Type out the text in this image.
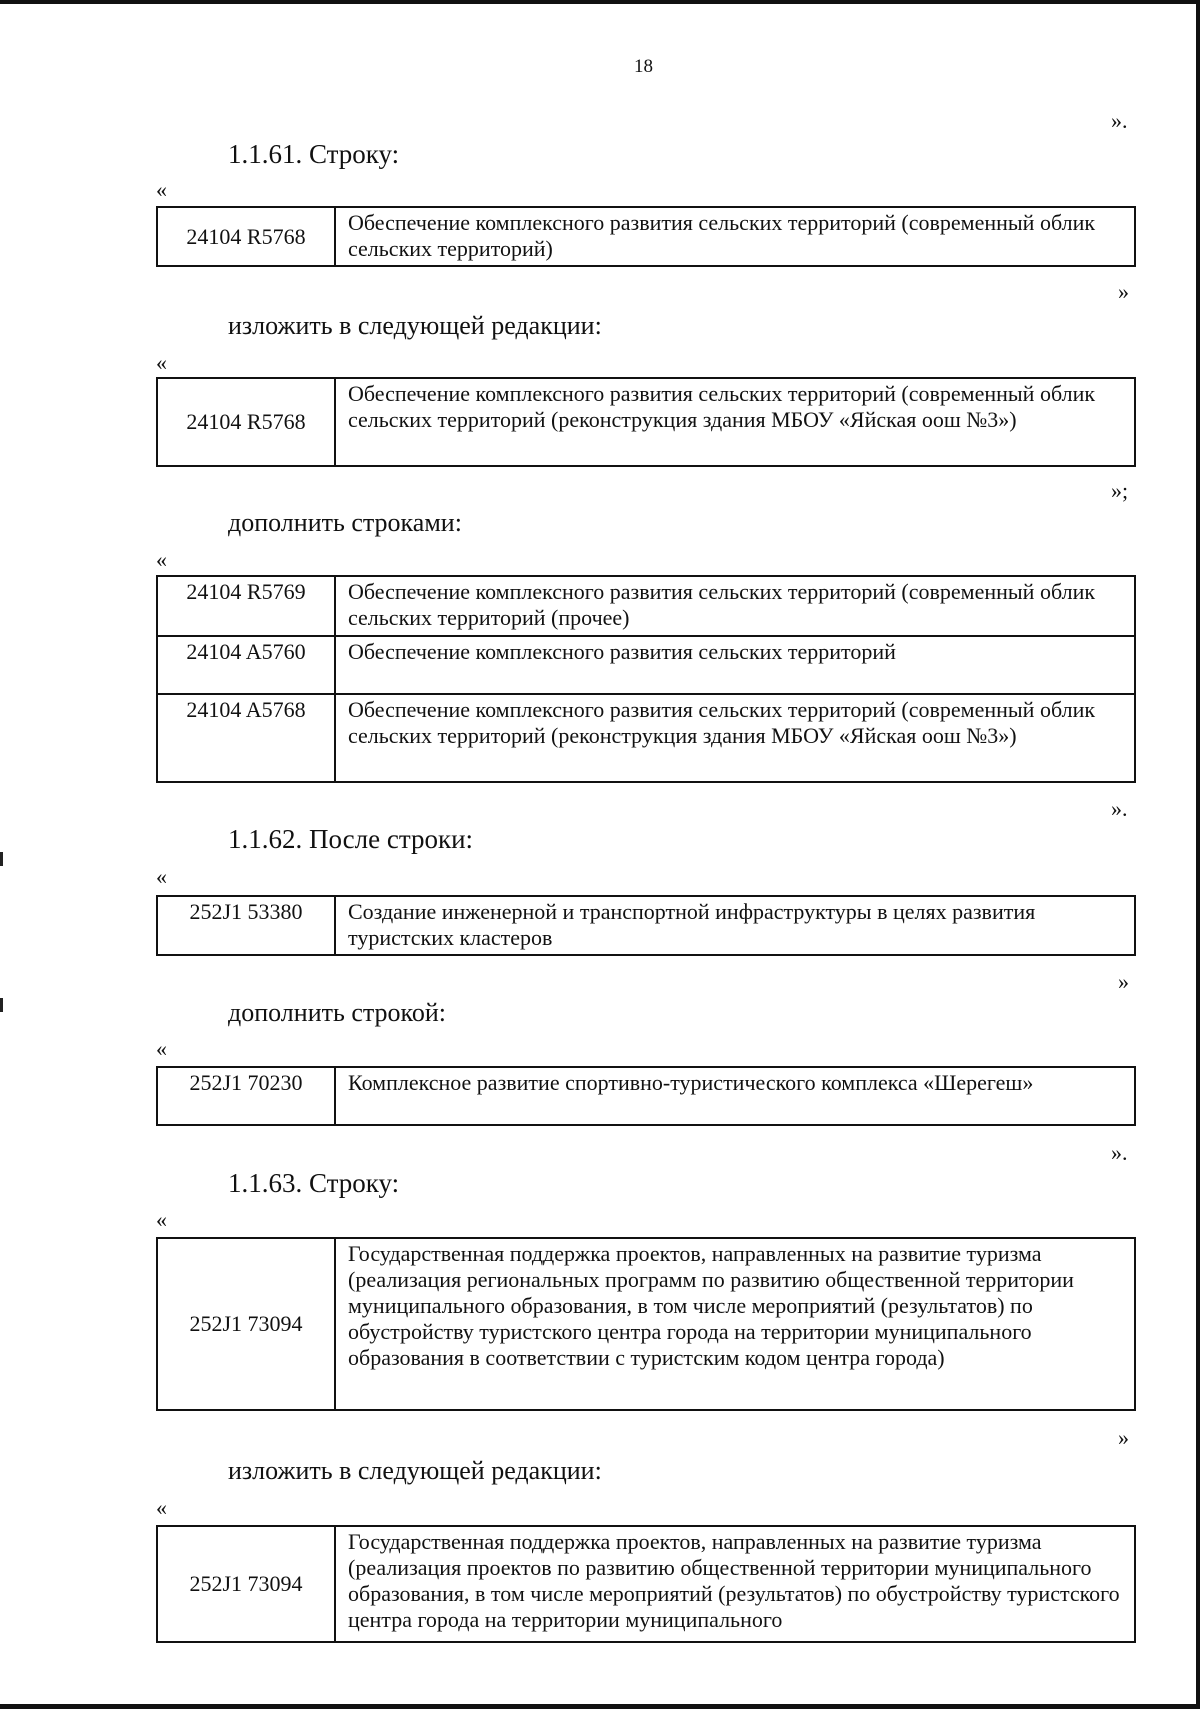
18
».
1.1.61. Строку:
«
24104 R5768	Обеспечение комплексного развития сельских территорий (современный облик сельских территорий)
»
изложить в следующей редакции:
«
24104 R5768	Обеспечение комплексного развития сельских территорий (современный облик сельских территорий (реконструкция здания МБОУ «Яйская оош №3»)
»;
дополнить строками:
«
24104 R5769	Обеспечение комплексного развития сельских территорий (современный облик сельских территорий (прочее)
24104 A5760	Обеспечение комплексного развития сельских территорий
24104 A5768	Обеспечение комплексного развития сельских территорий (современный облик сельских территорий (реконструкция здания МБОУ «Яйская оош №3»)
».
1.1.62. После строки:
«
252J1 53380	Создание инженерной и транспортной инфраструктуры в целях развития туристских кластеров
»
дополнить строкой:
«
252J1 70230	Комплексное развитие спортивно-туристического комплекса «Шерегеш»
».
1.1.63. Строку:
«
252J1 73094	Государственная поддержка проектов, направленных на развитие туризма (реализация региональных программ по развитию общественной территории муниципального образования, в том числе мероприятий (результатов) по обустройству туристского центра города на территории муниципального образования в соответствии с туристским кодом центра города)
»
изложить в следующей редакции:
«
252J1 73094	Государственная поддержка проектов, направленных на развитие туризма (реализация проектов по развитию общественной территории муниципального образования, в том числе мероприятий (результатов) по обустройству туристского центра города на территории муниципального
